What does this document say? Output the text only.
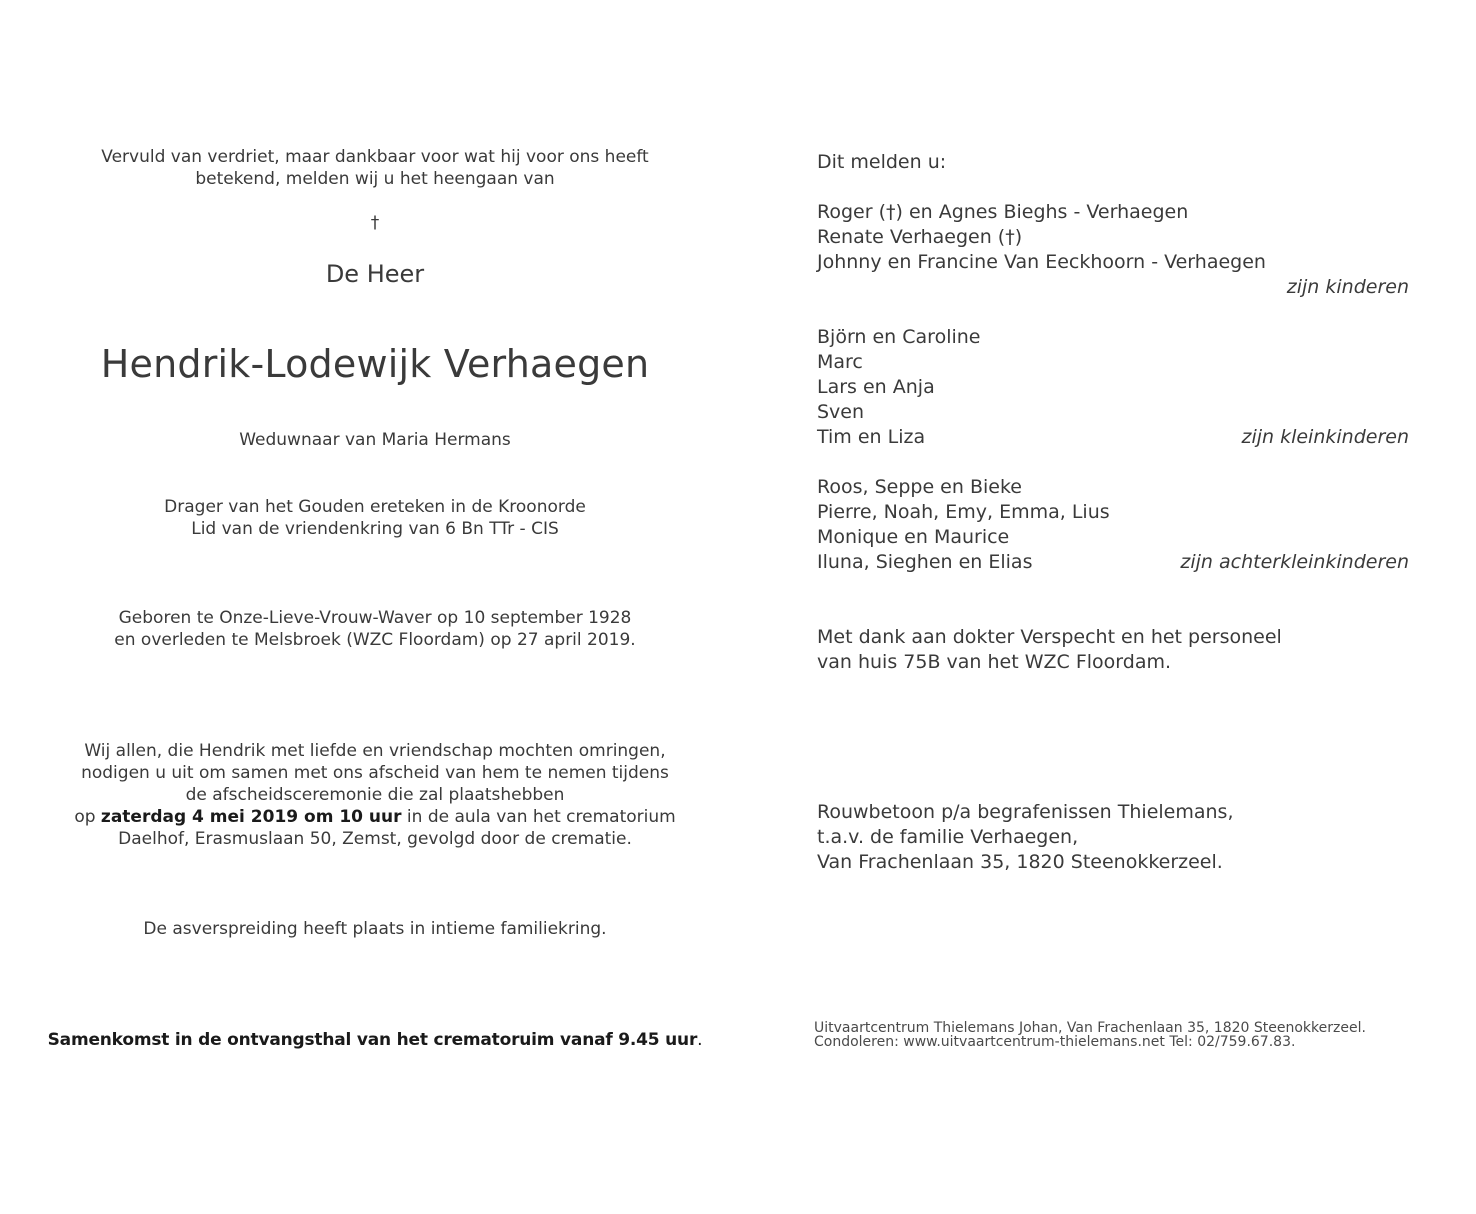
Vervuld van verdriet, maar dankbaar voor wat hij voor ons heeft
betekend, melden wij u het heengaan van
†
De Heer
Hendrik-Lodewijk Verhaegen
Weduwnaar van Maria Hermans
Drager van het Gouden ereteken in de Kroonorde
Lid van de vriendenkring van 6 Bn TTr - CIS
Geboren te Onze-Lieve-Vrouw-Waver op 10 september 1928
en overleden te Melsbroek (WZC Floordam) op 27 april 2019.
Wij allen, die Hendrik met liefde en vriendschap mochten omringen,
nodigen u uit om samen met ons afscheid van hem te nemen tijdens
de afscheidsceremonie die zal plaatshebben
op zaterdag 4 mei 2019 om 10 uur in de aula van het crematorium
Daelhof, Erasmuslaan 50, Zemst, gevolgd door de crematie.
De asverspreiding heeft plaats in intieme familiekring.
Samenkomst in de ontvangsthal van het crematoruim vanaf 9.45 uur.
Dit melden u:
Roger (†) en Agnes Bieghs - Verhaegen
Renate Verhaegen (†)
Johnny en Francine Van Eeckhoorn - Verhaegen
zijn kinderen
Björn en Caroline
Marc
Lars en Anja
Sven
Tim en Liza	zijn kleinkinderen
Roos, Seppe en Bieke
Pierre, Noah, Emy, Emma, Lius
Monique en Maurice
Iluna, Sieghen en Elias	zijn achterkleinkinderen
Met dank aan dokter Verspecht en het personeel
van huis 75B van het WZC Floordam.
Rouwbetoon p/a begrafenissen Thielemans,
t.a.v. de familie Verhaegen,
Van Frachenlaan 35, 1820 Steenokkerzeel.
Uitvaartcentrum Thielemans Johan, Van Frachenlaan 35, 1820 Steenokkerzeel.
Condoleren: www.uitvaartcentrum-thielemans.net Tel: 02/759.67.83.
